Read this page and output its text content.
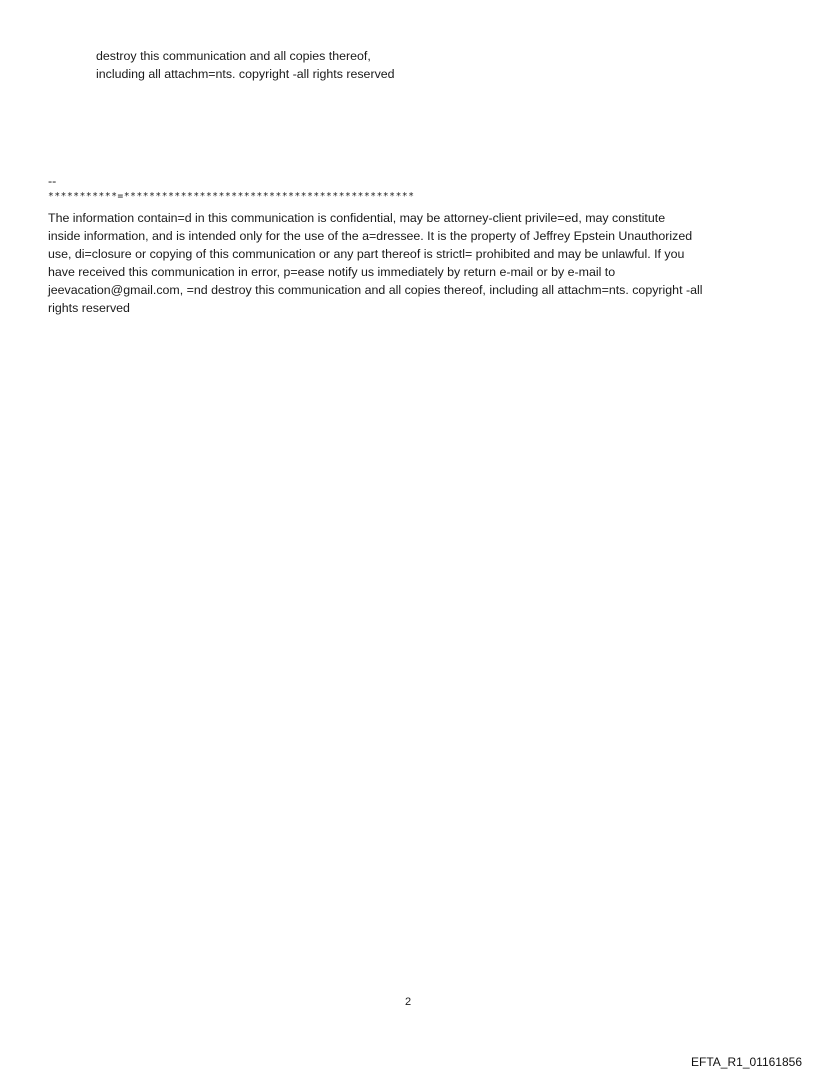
destroy this communication and all copies thereof,
including all attachm=nts. copyright -all rights reserved
--
***********=**********************************************
The information contain=d in this communication is confidential, may be attorney-client privile=ed, may constitute
inside information, and is intended only for the use of the a=dressee. It is the property of Jeffrey Epstein Unauthorized
use, di=closure or copying of this communication or any part thereof is strictl= prohibited and may be unlawful. If you
have received this communication in error, p=ease notify us immediately by return e-mail or by e-mail to
jeevacation@gmail.com, =nd destroy this communication and all copies thereof, including all attachm=nts. copyright -all
rights reserved
2
EFTA_R1_01161856
